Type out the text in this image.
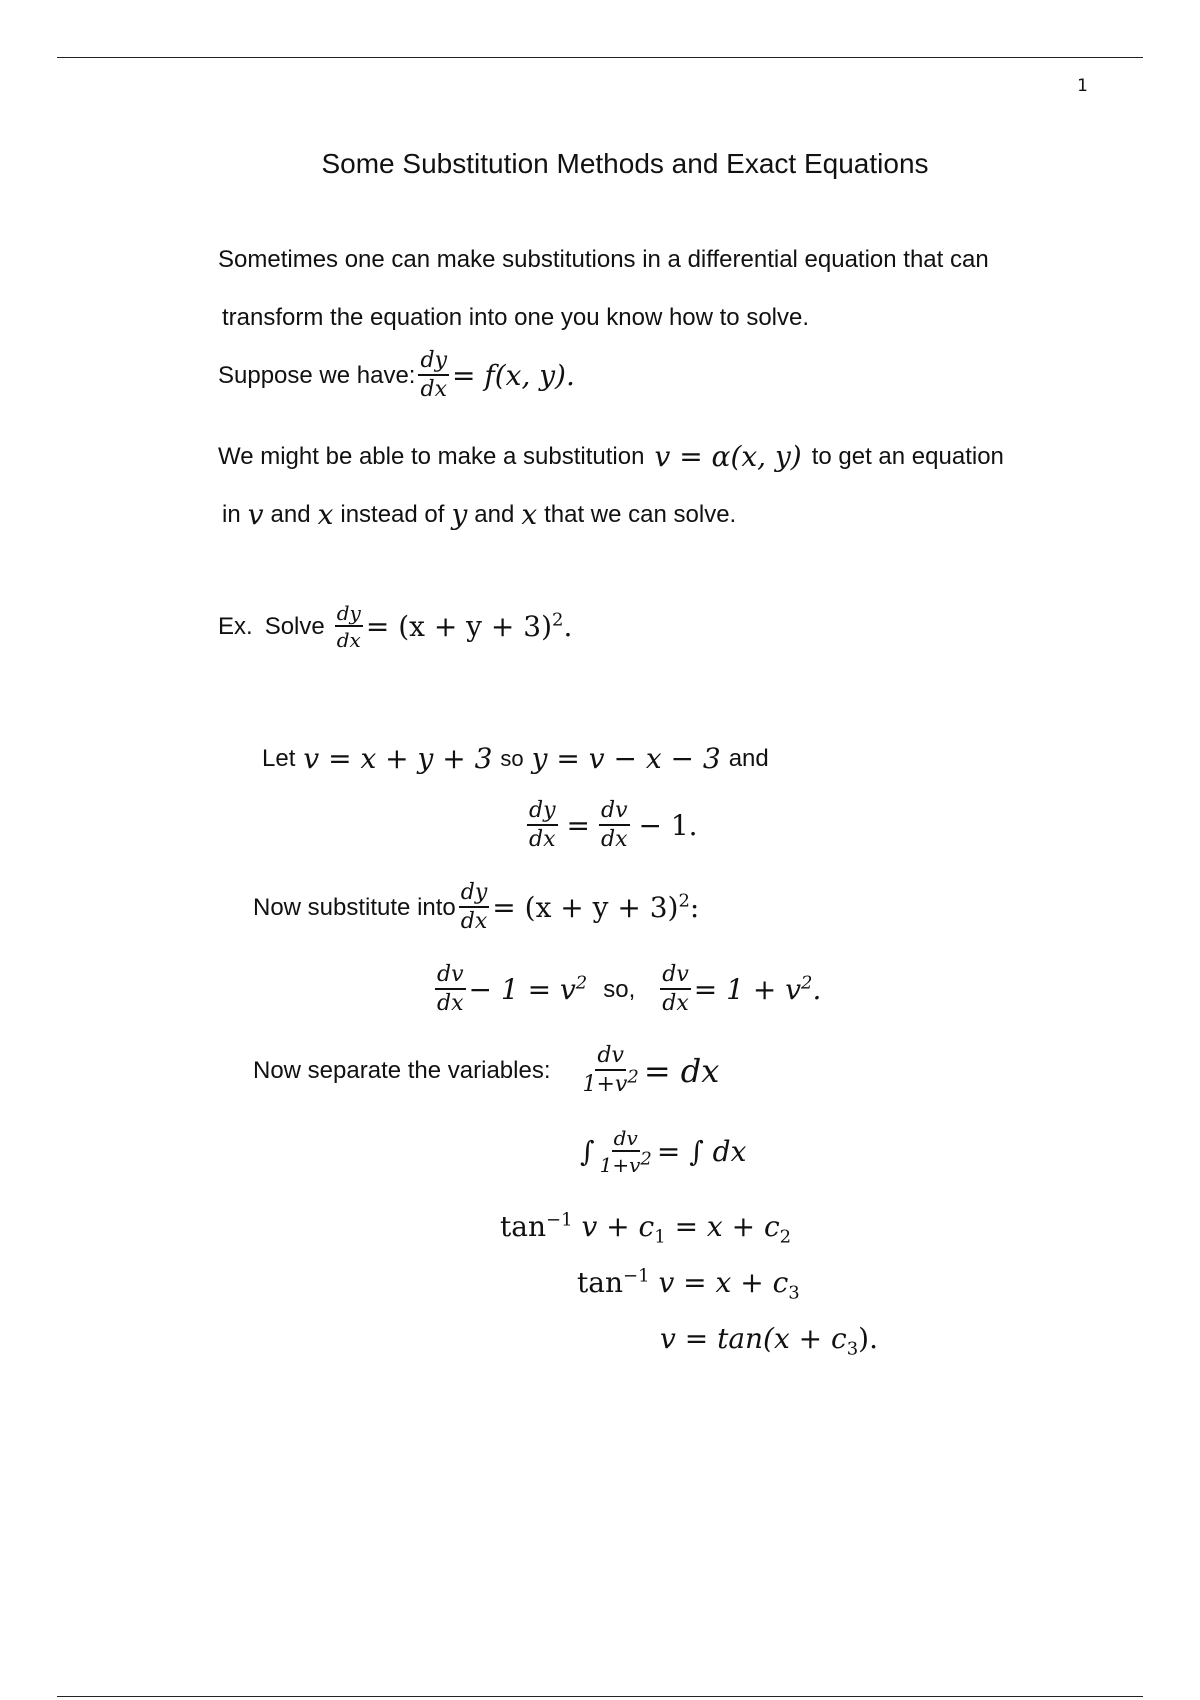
1
Some Substitution Methods and Exact Equations
Sometimes one can make substitutions in a differential equation that can
transform the equation into one you know how to solve.
Suppose we have: $\frac{dy}{dx} = f(x$, y).
We might be able to make a substitution v = α(x, y) to get an equation
in v and x instead of y and x that we can solve.
Ex. Solve $\frac{dy}{dx} = (x + y + 3)^2$.
Let v = x + y + 3 so y = v − x − 3 and
$\frac{dy}{dx} = \frac{dv}{dx} - 1$.
Now substitute into $\frac{dy}{dx} = (x + y + 3)^2$:
$\frac{dv}{dx} - 1 = v^2$ so, $\frac{dv}{dx} = 1 + v^2$.
Now separate the variables: $\frac{dv}{1+v^2}$ = dx
∫ $\frac{dv}{1+v^2}$ = ∫ dx
$\tan^{-1} v + c_1 = x + c_2$
$\tan^{-1} v = x + c_3$
$v = \tan(x + c_3)$.
